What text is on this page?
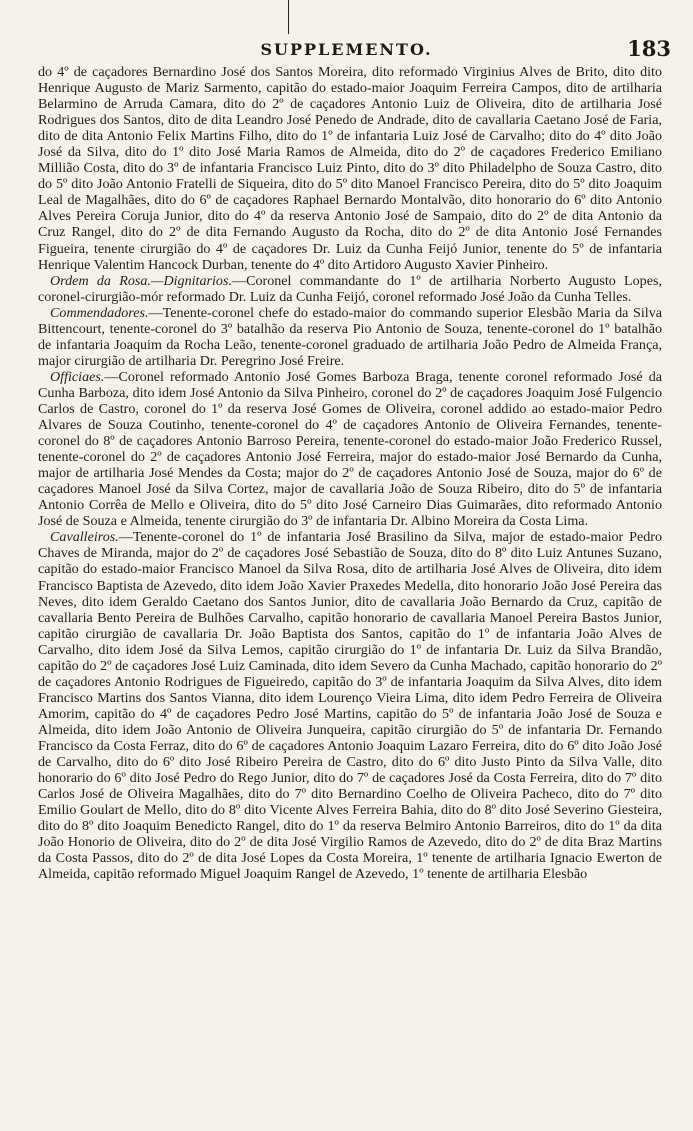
SUPPLEMENTO.	183

do 4º de caçadores Bernardino José dos Santos Moreira, dito reformado Virginius Alves de Brito, dito dito Henrique Augusto de Mariz Sarmento, capitão do estado-maior Joaquim Ferreira Campos, dito de artilharia Belarmino de Arruda Camara, dito do 2º de caçadores Antonio Luiz de Oliveira, dito de artilharia José Rodrigues dos Santos, dito de dita Leandro José Penedo de Andrade, dito de cavallaria Caetano José de Faria, dito de dita Antonio Felix Martins Filho, dito do 1º de infantaria Luiz José de Carvalho; dito do 4º dito João José da Silva, dito do 1º dito José Maria Ramos de Almeida, dito do 2º de caçadores Frederico Emiliano Millião Costa, dito do 3º de infantaria Francisco Luiz Pinto, dito do 3º dito Philadelpho de Souza Castro, dito do 5º dito João Antonio Fratelli de Siqueira, dito do 5º dito Manoel Francisco Pereira, dito do 5º dito Joaquim Leal de Magalhães, dito do 6º de caçadores Raphael Bernardo Montalvão, dito honorario do 6º dito Antonio Alves Pereira Coruja Junior, dito do 4º da reserva Antonio José de Sampaio, dito do 2º de dita Antonio da Cruz Rangel, dito do 2º de dita Fernando Augusto da Rocha, dito do 2º de dita Antonio José Fernandes Figueira, tenente cirurgião do 4º de caçadores Dr. Luiz da Cunha Feijó Junior, tenente do 5º de infantaria Henrique Valentim Hancock Durban, tenente do 4º dito Artidoro Augusto Xavier Pinheiro.

Ordem da Rosa.—Dignitarios.—Coronel commandante do 1º de artilharia Norberto Augusto Lopes, coronel-cirurgião-mór reformado Dr. Luiz da Cunha Feijó, coronel reformado José João da Cunha Telles.

Commendadores.—Tenente-coronel chefe do estado-maior do commando superior Elesbão Maria da Silva Bittencourt, tenente-coronel do 3º batalhão da reserva Pio Antonio de Souza, tenente-coronel do 1º batalhão de infantaria Joaquim da Rocha Leão, tenente-coronel graduado de artilharia João Pedro de Almeida França, major cirurgião de artilharia Dr. Peregrino José Freire.

Officiaes.—Coronel reformado Antonio José Gomes Barboza Braga, tenente coronel reformado José da Cunha Barboza, dito idem José Antonio da Silva Pinheiro, coronel do 2º de caçadores Joaquim José Fulgencio Carlos de Castro, coronel do 1º da reserva José Gomes de Oliveira, coronel addido ao estado-maior Pedro Alvares de Souza Coutinho, tenente-coronel do 4º de caçadores Antonio de Oliveira Fernandes, tenente-coronel do 8º de caçadores Antonio Barroso Pereira, tenente-coronel do estado-maior João Frederico Russel, tenente-coronel do 2º de caçadores Antonio José Ferreira, major do estado-maior José Bernardo da Cunha, major de artilharia José Mendes da Costa; major do 2º de caçadores Antonio José de Souza, major do 6º de caçadores Manoel José da Silva Cortez, major de cavallaria João de Souza Ribeiro, dito do 5º de infantaria Antonio Corrêa de Mello e Oliveira, dito do 5º dito José Carneiro Dias Guimarães, dito reformado Antonio José de Souza e Almeida, tenente cirurgião do 3º de infantaria Dr. Albino Moreira da Costa Lima.

Cavalleiros.—Tenente-coronel do 1º de infantaria José Brasilino da Silva, major de estado-maior Pedro Chaves de Miranda, major do 2º de caçadores José Sebastião de Souza, dito do 8º dito Luiz Antunes Suzano, capitão do estado-maior Francisco Manoel da Silva Rosa, dito de artilharia José Alves de Oliveira, dito idem Francisco Baptista de Azevedo, dito idem João Xavier Praxedes Medella, dito honorario João José Pereira das Neves, dito idem Geraldo Caetano dos Santos Junior, dito de cavallaria João Bernardo da Cruz, capitão de cavallaria Bento Pereira de Bulhões Carvalho, capitão honorario de cavallaria Manoel Pereira Bastos Junior, capitão cirurgião de cavallaria Dr. João Baptista dos Santos, capitão do 1º de infantaria João Alves de Carvalho, dito idem José da Silva Lemos, capitão cirurgião do 1º de infantaria Dr. Luiz da Silva Brandão, capitão do 2º de caçadores José Luiz Caminada, dito idem Severo da Cunha Machado, capitão honorario do 2º de caçadores Antonio Rodrigues de Figueiredo, capitão do 3º de infantaria Joaquim da Silva Alves, dito idem Francisco Martins dos Santos Vianna, dito idem Lourenço Vieira Lima, dito idem Pedro Ferreira de Oliveira Amorim, capitão do 4º de caçadores Pedro José Martins, capitão do 5º de infantaria João José de Souza e Almeida, dito idem João Antonio de Oliveira Junqueira, capitão cirurgião do 5º de infantaria Dr. Fernando Francisco da Costa Ferraz, dito do 6º de caçadores Antonio Joaquim Lazaro Ferreira, dito do 6º dito João José de Carvalho, dito do 6º dito José Ribeiro Pereira de Castro, dito do 6º dito Justo Pinto da Silva Valle, dito honorario do 6º dito José Pedro do Rego Junior, dito do 7º de caçadores José da Costa Ferreira, dito do 7º dito Carlos José de Oliveira Magalhães, dito do 7º dito Bernardino Coelho de Oliveira Pacheco, dito do 7º dito Emilio Goulart de Mello, dito do 8º dito Vicente Alves Ferreira Bahia, dito do 8º dito José Severino Giesteira, dito do 8º dito Joaquim Benedicto Rangel, dito do 1º da reserva Belmiro Antonio Barreiros, dito do 1º da dita João Honorio de Oliveira, dito do 2º de dita José Virgilio Ramos de Azevedo, dito do 2º de dita Braz Martins da Costa Passos, dito do 2º de dita José Lopes da Costa Moreira, 1º tenente de artilharia Ignacio Ewerton de Almeida, capitão reformado Miguel Joaquim Rangel de Azevedo, 1º tenente de artilharia Elesbão
